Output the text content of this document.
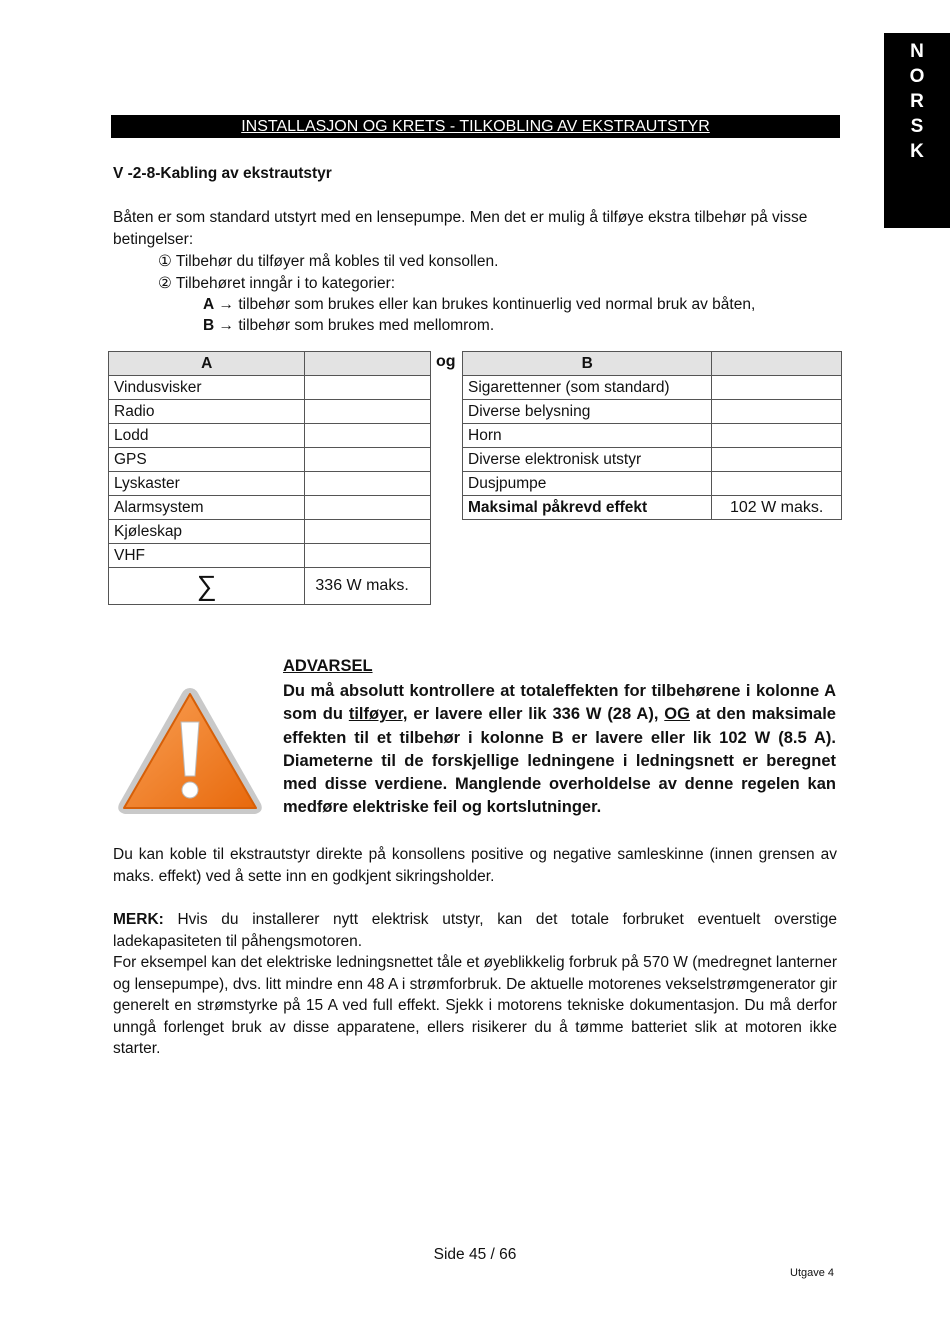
N
O
R
S
K
INSTALLASJON OG KRETS - TILKOBLING AV EKSTRAUTSTYR
V -2-8-Kabling av ekstrautstyr
Båten er som standard utstyrt med en lensepumpe. Men det er mulig å tilføye ekstra tilbehør på visse betingelser:
① Tilbehør du tilføyer må kobles til ved konsollen.
② Tilbehøret inngår i to kategorier:
A → tilbehør som brukes eller kan brukes kontinuerlig ved normal bruk av båten,
B → tilbehør som brukes med mellomrom.
A	
Vindusvisker	
Radio	
Lodd	
GPS	
Lyskaster	
Alarmsystem	
Kjøleskap	
VHF	
∑	336 W maks.
og	B	
Sigarettenner (som standard)	
Diverse belysning	
Horn	
Diverse elektronisk utstyr	
Dusjpumpe	
Maksimal påkrevd effekt	102 W maks.
ADVARSEL
Du må absolutt kontrollere at totaleffekten for tilbehørene i kolonne A som du tilføyer, er lavere eller lik 336 W (28 A), OG at den maksimale effekten til et tilbehør i kolonne B er lavere eller lik 102 W (8.5 A). Diameterne til de forskjellige ledningene i ledningsnett er beregnet med disse verdiene. Manglende overholdelse av denne regelen kan medføre elektriske feil og kortslutninger.
Du kan koble til ekstrautstyr direkte på konsollens positive og negative samleskinne (innen grensen av maks. effekt) ved å sette inn en godkjent sikringsholder.
MERK: Hvis du installerer nytt elektrisk utstyr, kan det totale forbruket eventuelt overstige ladekapasiteten til påhengsmotoren.
For eksempel kan det elektriske ledningsnettet tåle et øyeblikkelig forbruk på 570 W (medregnet lanterner og lensepumpe), dvs. litt mindre enn 48 A i strømforbruk. De aktuelle motorenes vekselstrømgenerator gir generelt en strømstyrke på 15 A ved full effekt. Sjekk i motorens tekniske dokumentasjon. Du må derfor unngå forlenget bruk av disse apparatene, ellers risikerer du å tømme batteriet slik at motoren ikke starter.
Side 45 / 66
Utgave 4
